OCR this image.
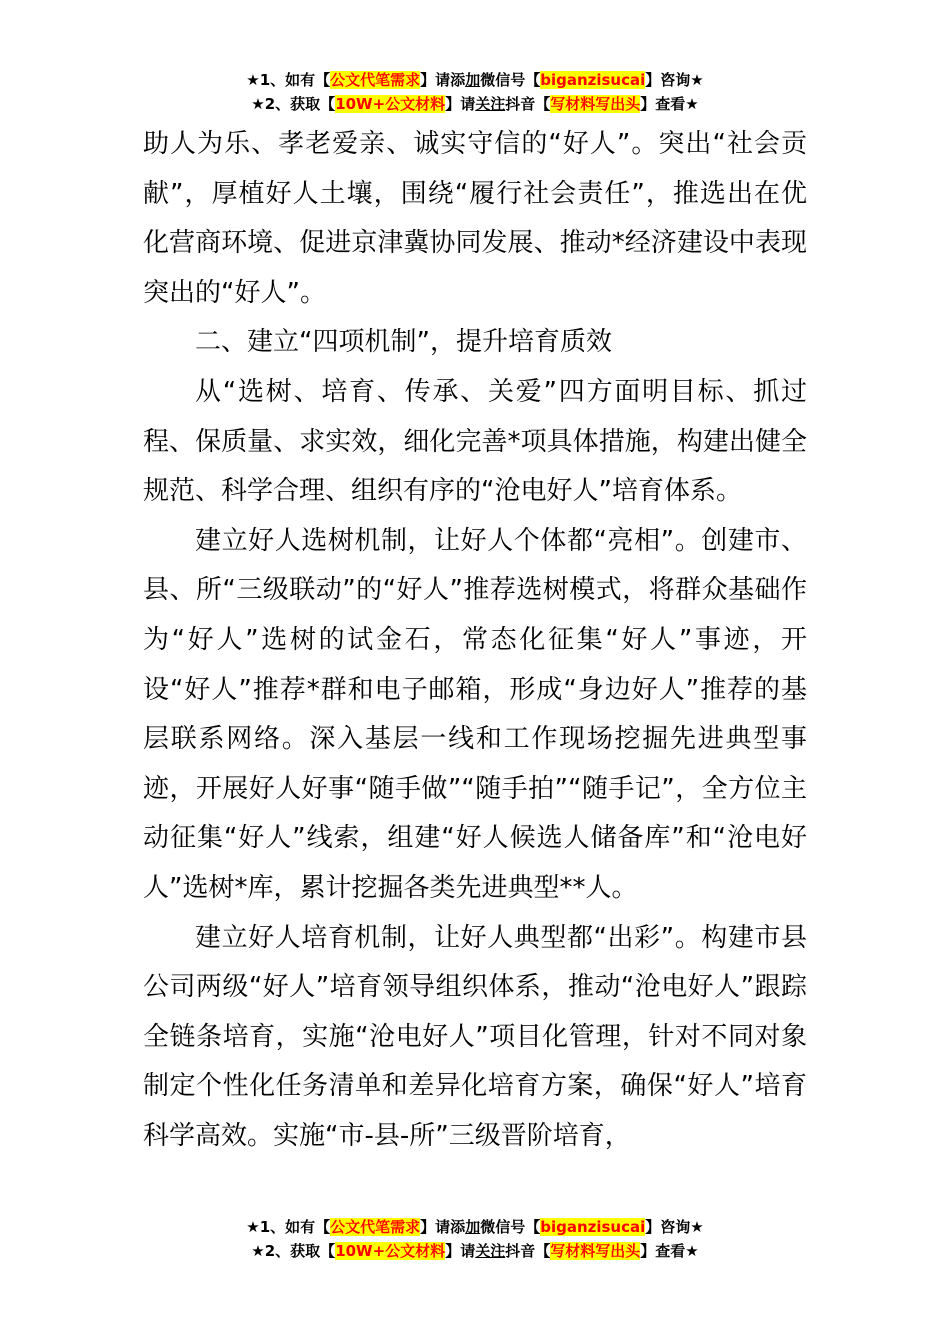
★1、如有【公文代笔需求】请添加微信号【biganzisucai】咨询★
★2、获取【10W+公文材料】请关注抖音【写材料写出头】查看★

助人为乐、孝老爱亲、诚实守信的“好人”。突出“社会贡献”，厚植好人土壤，围绕“履行社会责任”，推选出在优化营商环境、促进京津冀协同发展、推动*经济建设中表现突出的“好人”。

二、建立“四项机制”，提升培育质效

从“选树、培育、传承、关爱”四方面明目标、抓过程、保质量、求实效，细化完善*项具体措施，构建出健全规范、科学合理、组织有序的“沧电好人”培育体系。

建立好人选树机制，让好人个体都“亮相”。创建市、县、所“三级联动”的“好人”推荐选树模式，将群众基础作为“好人”选树的试金石，常态化征集“好人”事迹，开设“好人”推荐*群和电子邮箱，形成“身边好人”推荐的基层联系网络。深入基层一线和工作现场挖掘先进典型事迹，开展好人好事“随手做”“随手拍”“随手记”，全方位主动征集“好人”线索，组建“好人候选人储备库”和“沧电好人”选树*库，累计挖掘各类先进典型**人。

建立好人培育机制，让好人典型都“出彩”。构建市县公司两级“好人”培育领导组织体系，推动“沧电好人”跟踪全链条培育，实施“沧电好人”项目化管理，针对不同对象制定个性化任务清单和差异化培育方案，确保“好人”培育科学高效。实施“市-县-所”三级晋阶培育，

★1、如有【公文代笔需求】请添加微信号【biganzisucai】咨询★
★2、获取【10W+公文材料】请关注抖音【写材料写出头】查看★
